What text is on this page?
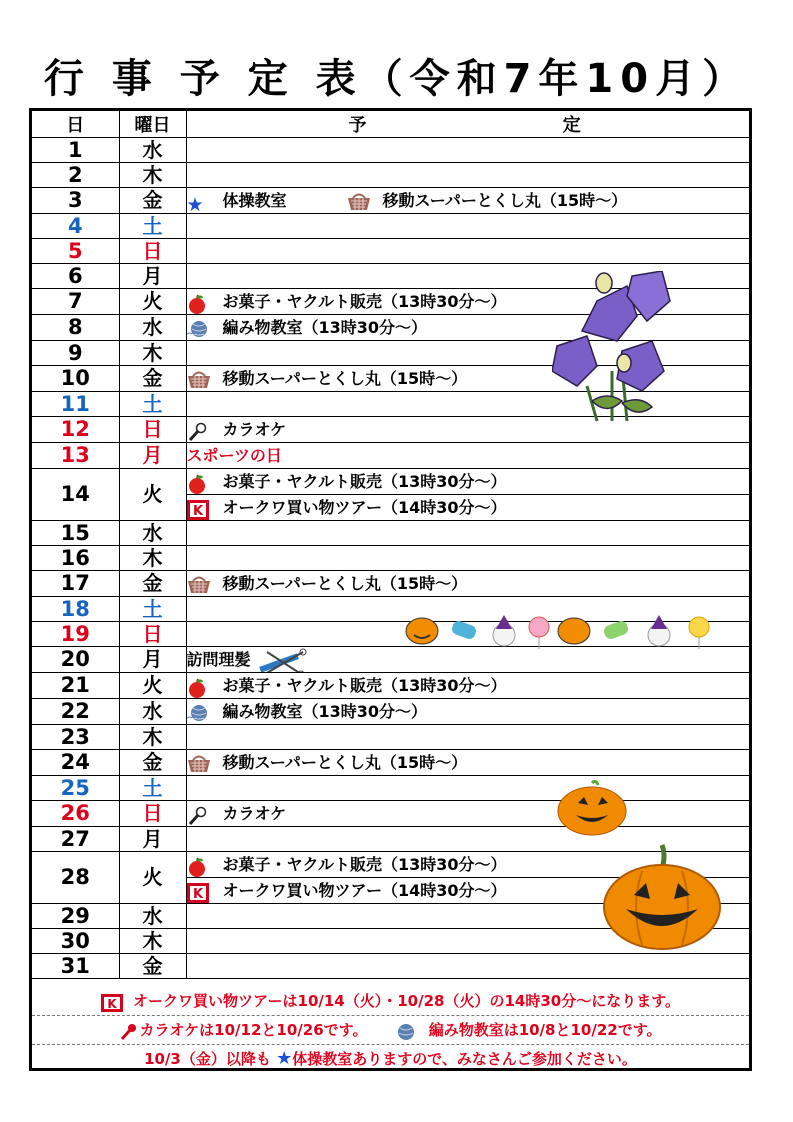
行 事 予 定 表（令和7年10月）
日	曜日	予 定
1	水	
2	木	
3	金	★ 体操教室 移動スーパーとくし丸（15時～）

4	土	
5	日	
6	月	
7	火	お菓子・ヤクルト販売（13時30分～）

8	水	編み物教室（13時30分～）

9	木	
10	金	移動スーパーとくし丸（15時～）

11	土	
12	日	カラオケ

13	月	スポーツの日

14	火	お菓子・ヤクルト販売（13時30分～）
K オークワ買い物ツアー（14時30分～）

15	水	
16	木	
17	金	移動スーパーとくし丸（15時～）

18	土	
19	日	
20	月	訪問理髪

21	火	お菓子・ヤクルト販売（13時30分～）

22	水	編み物教室（13時30分～）

23	木	
24	金	移動スーパーとくし丸（15時～）

25	土	
26	日	カラオケ

27	月	
28	火	お菓子・ヤクルト販売（13時30分～）
K オークワ買い物ツアー（14時30分～）

29	水	
30	木	
31	金	
K オークワ買い物ツアーは10/14（火）・10/28（火）の14時30分～になります。
カラオケは10/12と10/26です。	編み物教室は10/8と10/22です。
10/3（金）以降も ★体操教室ありますので、みなさんご参加ください。
